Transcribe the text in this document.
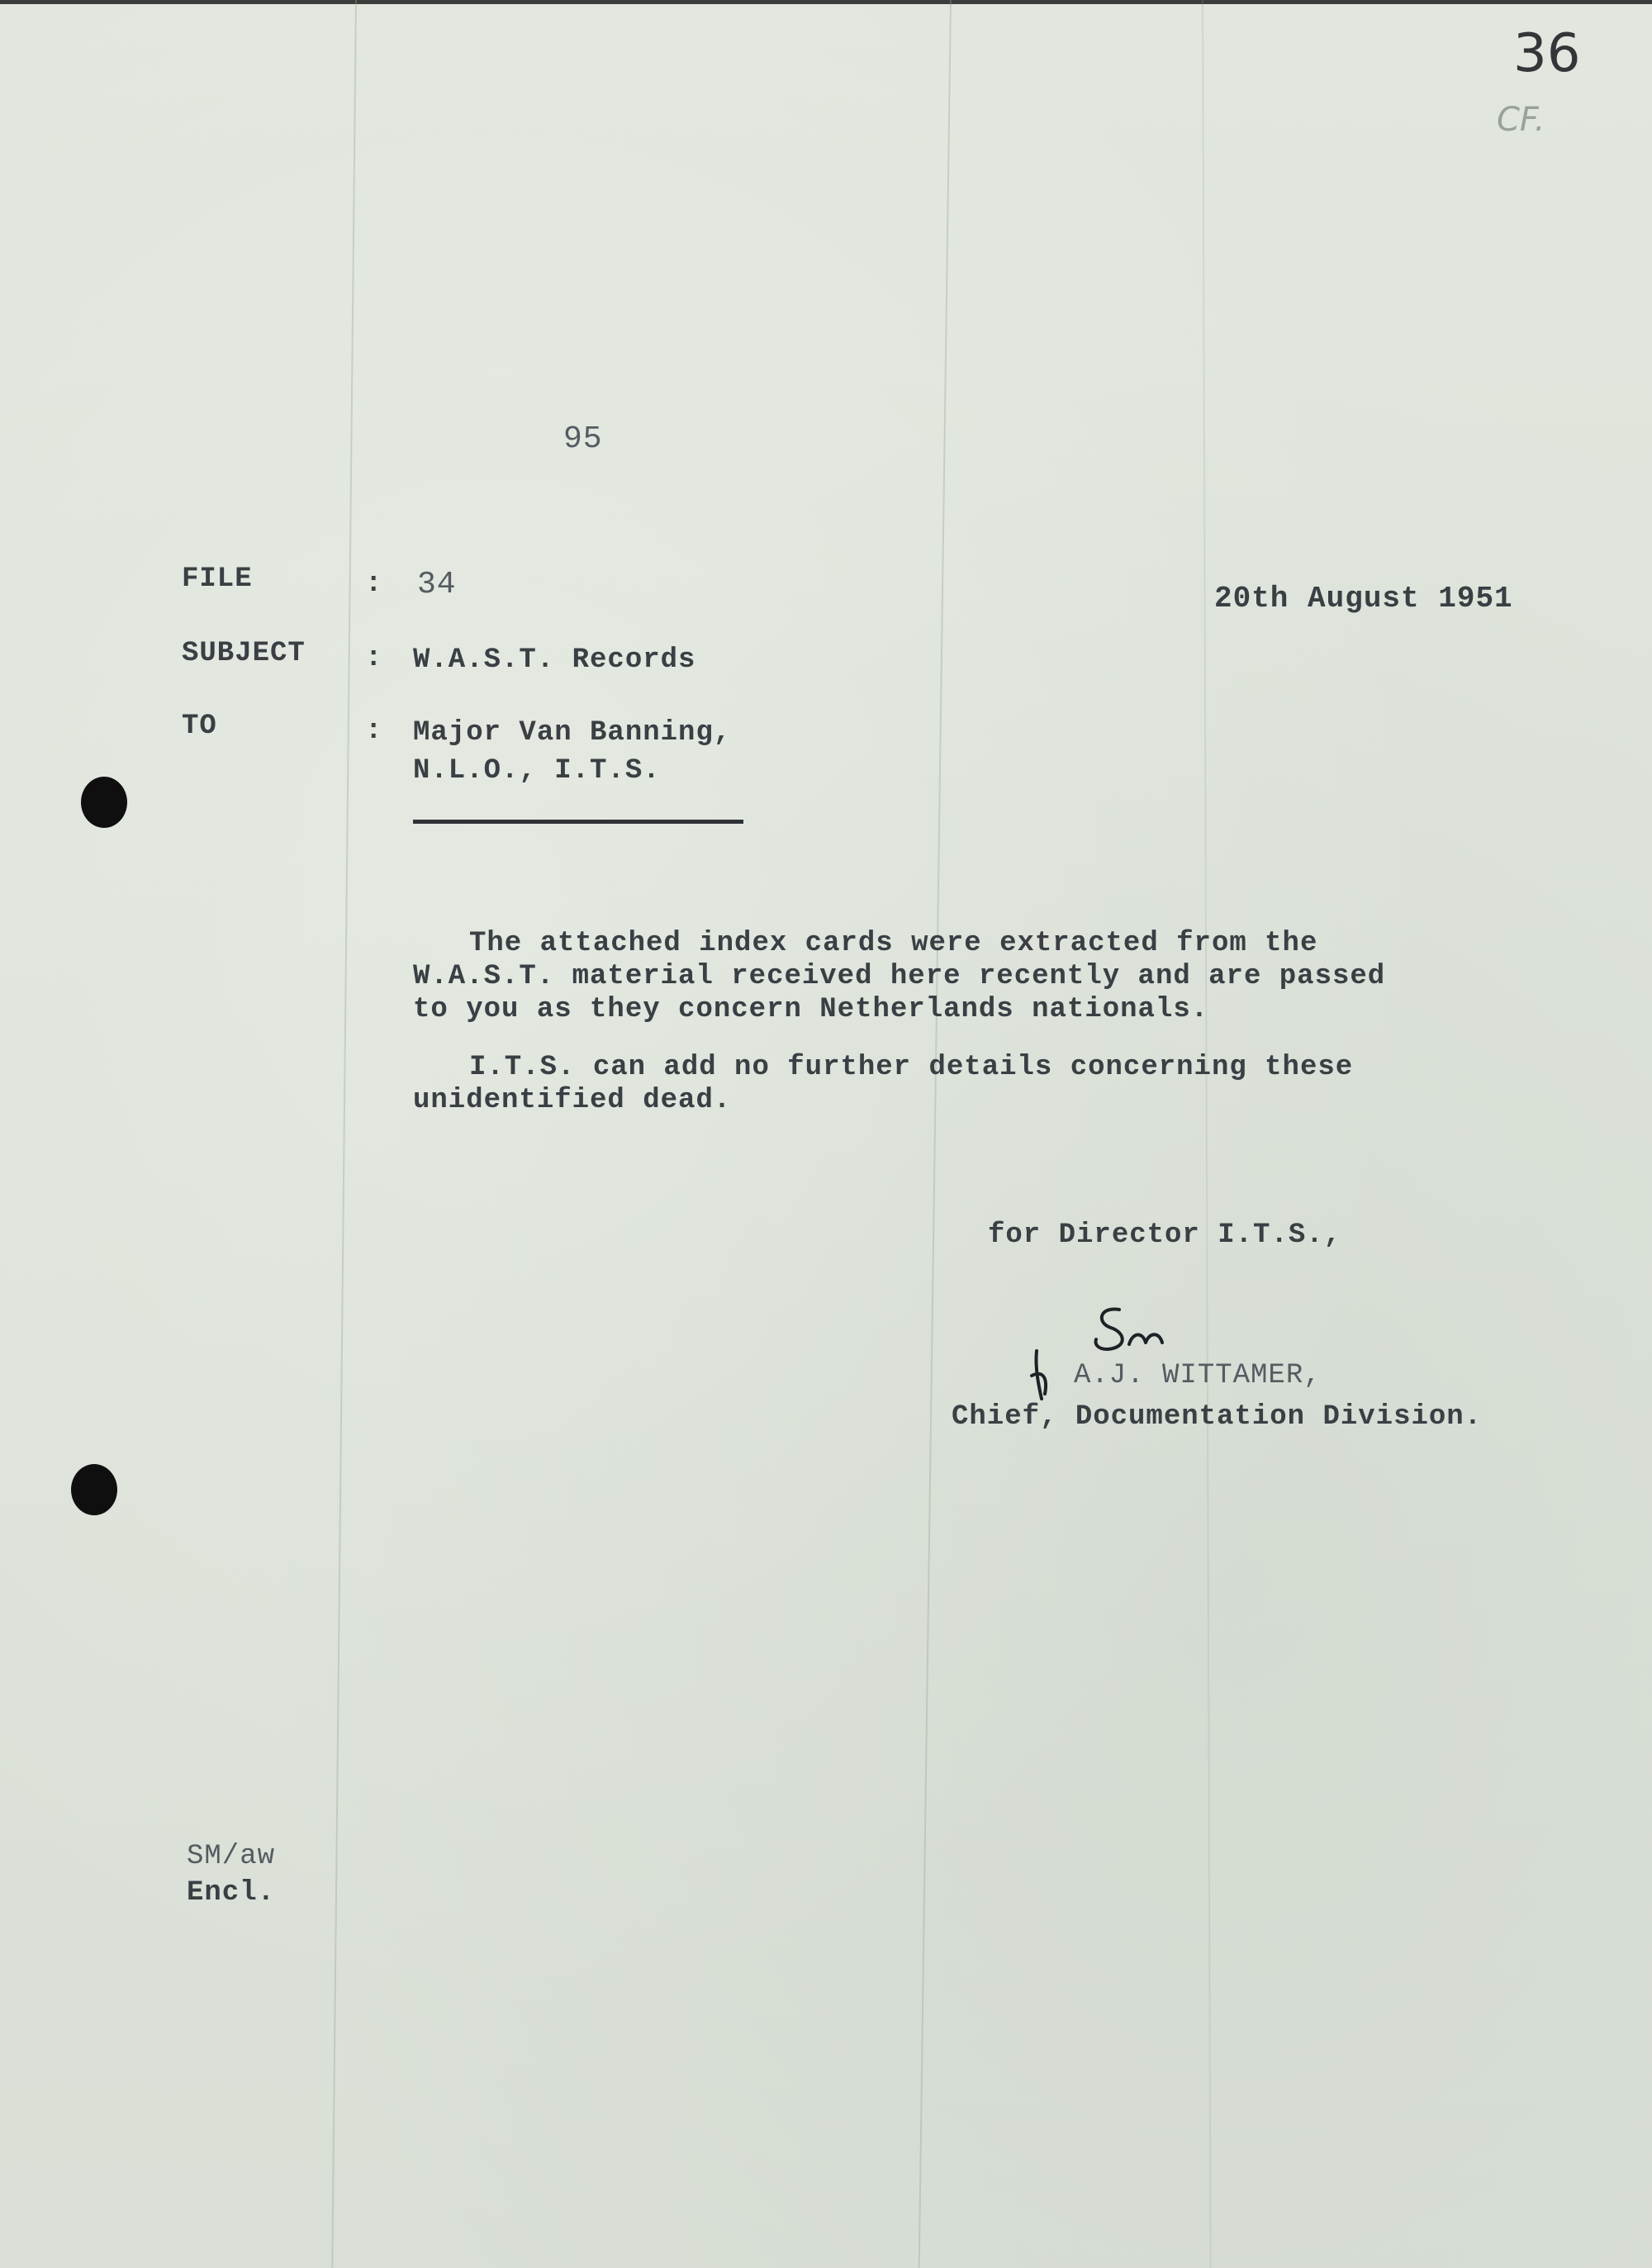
36
CF.
95
FILE	: 34	20th August 1951
SUBJECT : W.A.S.T. Records
TO	: Major Van Banning,
N.L.O., I.T.S.
The attached index cards were extracted from the
W.A.S.T. material received here recently and are passed
to you as they concern Netherlands nationals.
I.T.S. can add no further details concerning these
unidentified dead.
for Director I.T.S.,
A.J. WITTAMER,
Chief, Documentation Division.
SM/aw
Encl.
